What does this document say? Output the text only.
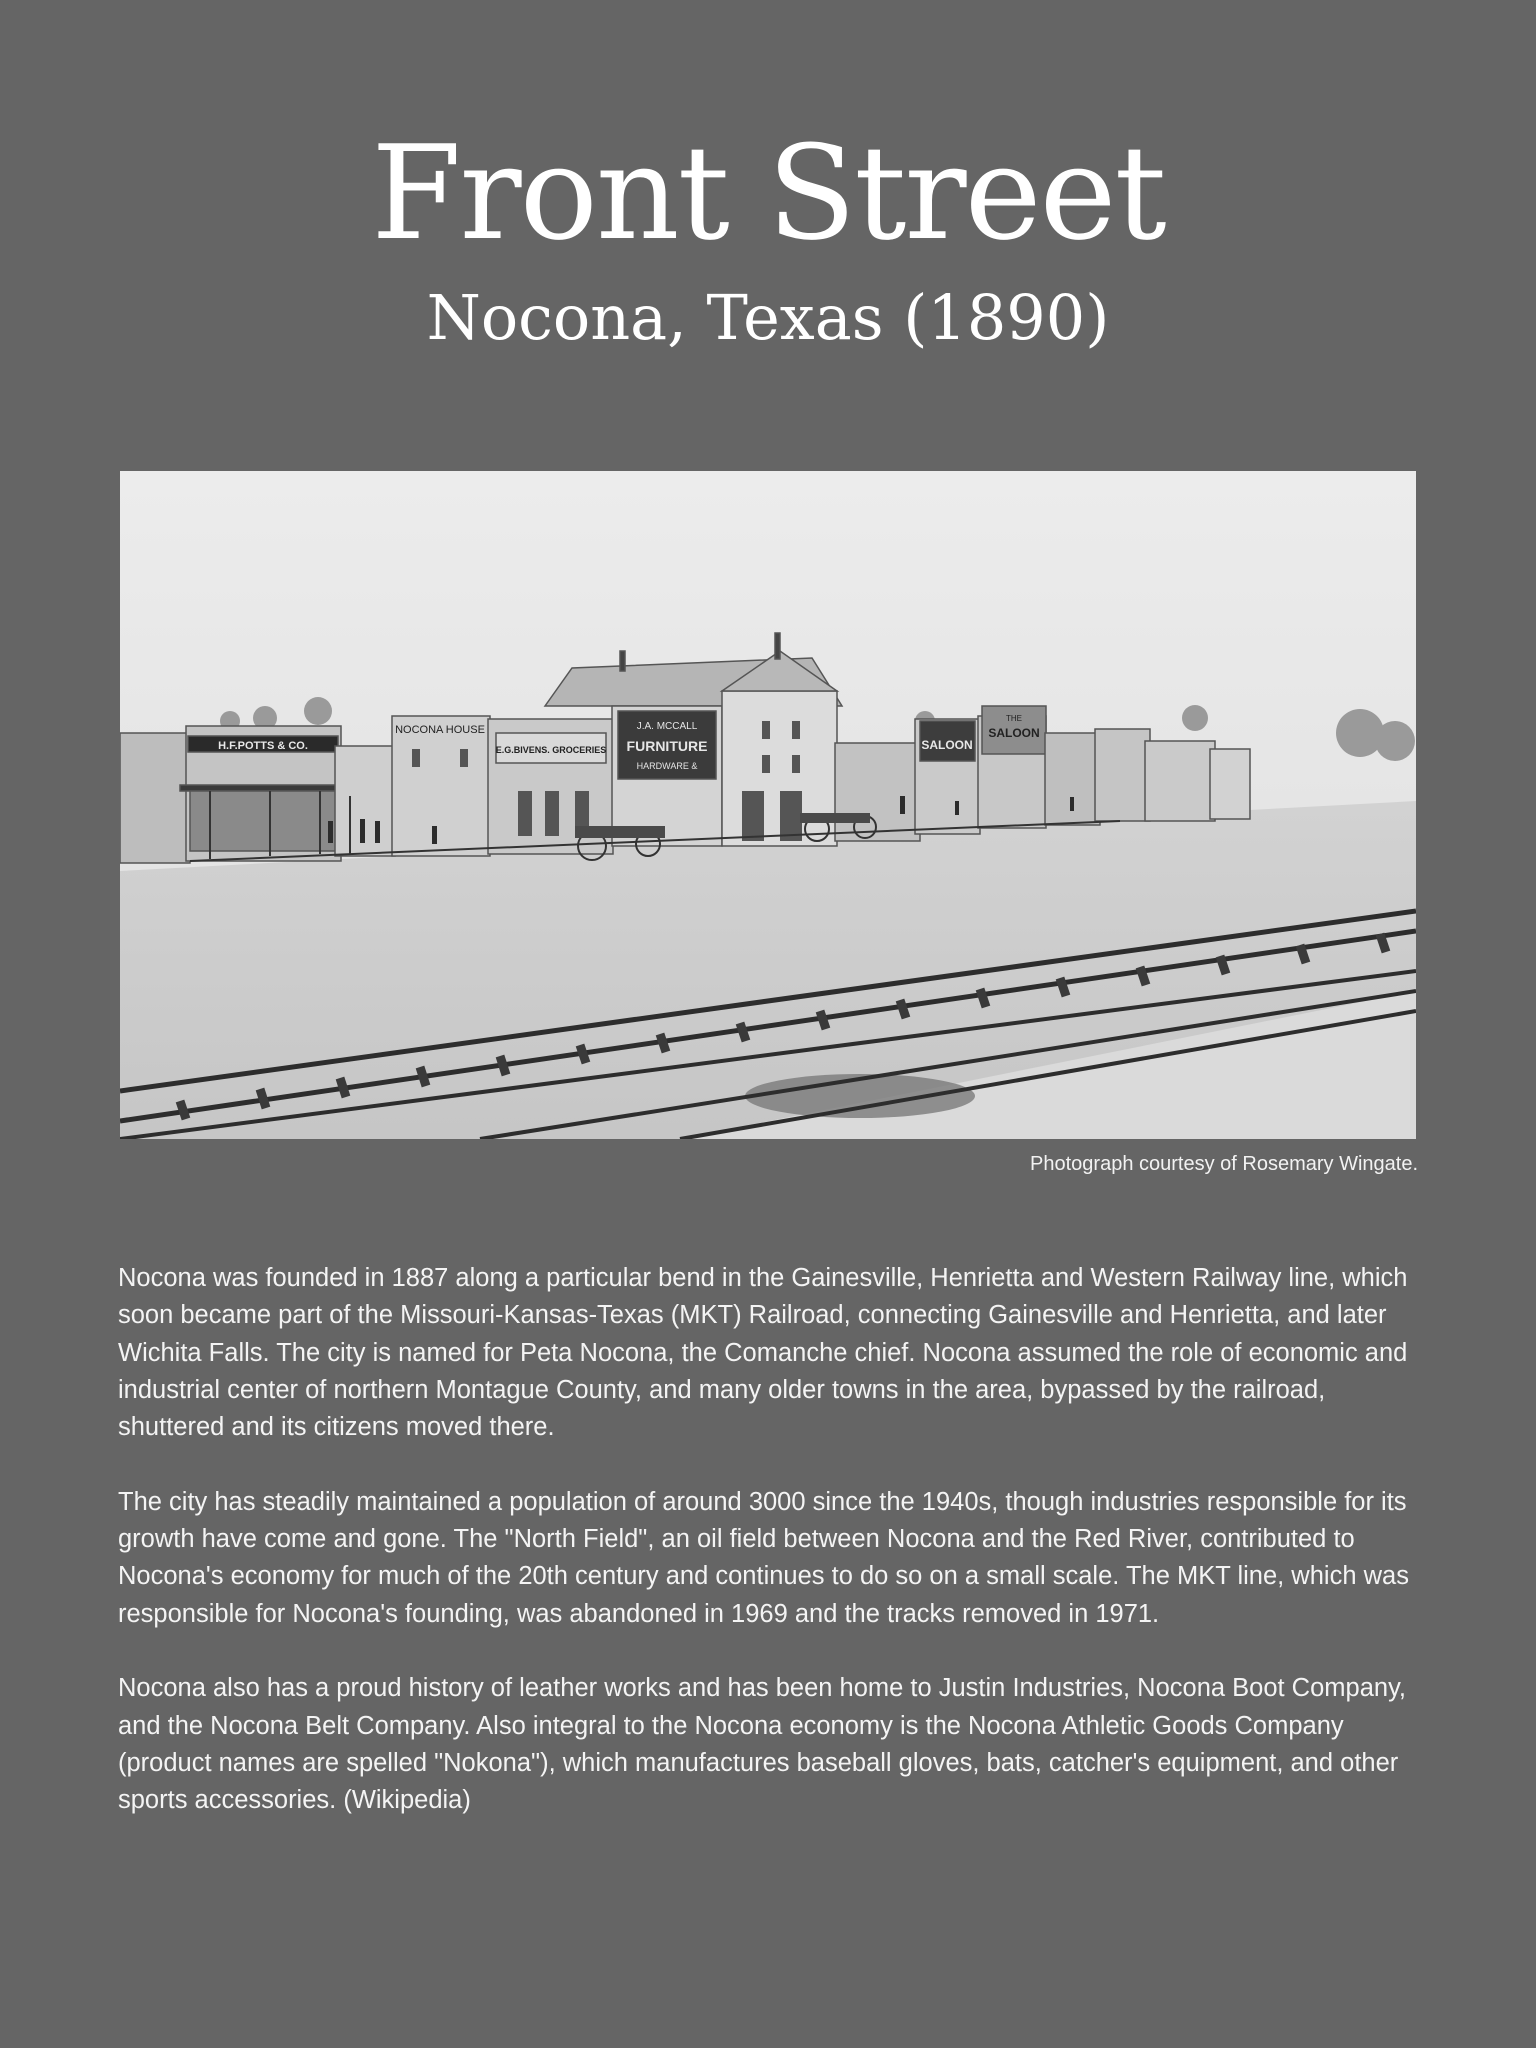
Front Street
Nocona, Texas (1890)
H.F.POTTS & CO.
NOCONA HOUSE
E.G.BIVENS. GROCERIES
J.A. MCCALL
FURNITURE
HARDWARE &
SALOON
THE
SALOON
Photograph courtesy of Rosemary Wingate.

Nocona was founded in 1887 along a particular bend in the Gainesville, Henrietta and Western Railway line, which soon became part of the Missouri-Kansas-Texas (MKT) Railroad, connecting Gainesville and Henrietta, and later Wichita Falls. The city is named for Peta Nocona, the Comanche chief. Nocona assumed the role of economic and industrial center of northern Montague County, and many older towns in the area, bypassed by the railroad, shuttered and its citizens moved there.

The city has steadily maintained a population of around 3000 since the 1940s, though industries responsible for its growth have come and gone. The "North Field", an oil field between Nocona and the Red River, contributed to Nocona's economy for much of the 20th century and continues to do so on a small scale. The MKT line, which was responsible for Nocona's founding, was abandoned in 1969 and the tracks removed in 1971.

Nocona also has a proud history of leather works and has been home to Justin Industries, Nocona Boot Company, and the Nocona Belt Company. Also integral to the Nocona economy is the Nocona Athletic Goods Company (product names are spelled "Nokona"), which manufactures baseball gloves, bats, catcher's equipment, and other sports accessories. (Wikipedia)
